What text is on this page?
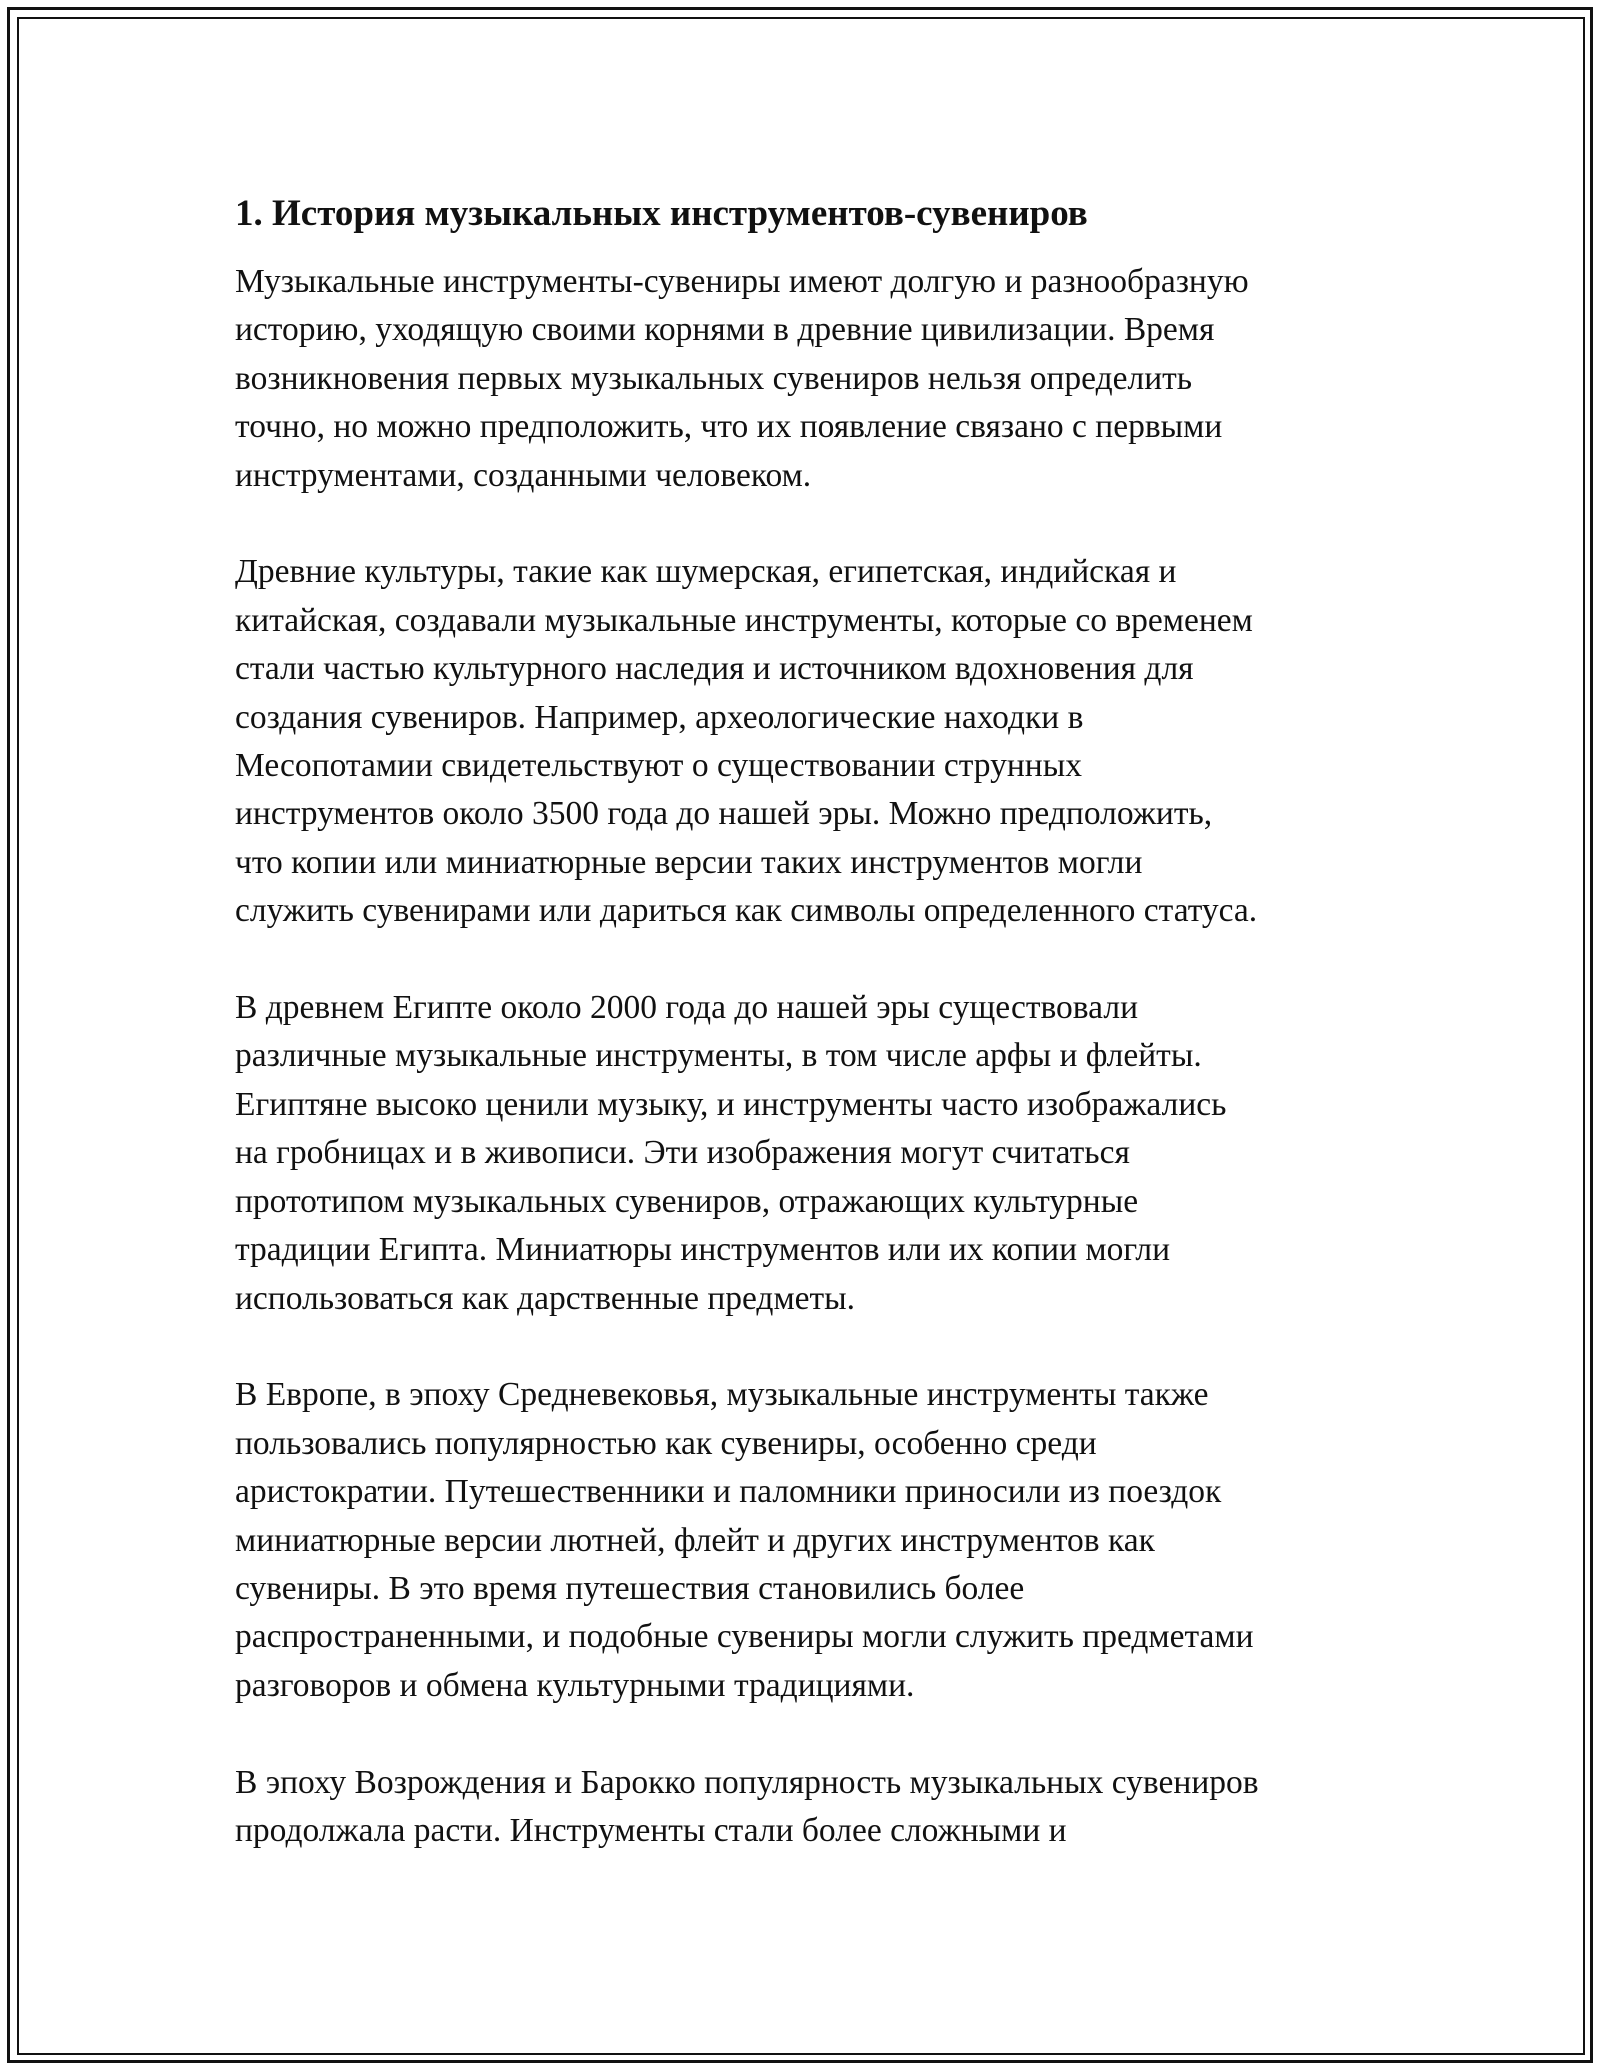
1. История музыкальных инструментов-сувениров
Музыкальные инструменты-сувениры имеют долгую и разнообразную
историю, уходящую своими корнями в древние цивилизации. Время
возникновения первых музыкальных сувениров нельзя определить
точно, но можно предположить, что их появление связано с первыми
инструментами, созданными человеком.
Древние культуры, такие как шумерская, египетская, индийская и
китайская, создавали музыкальные инструменты, которые со временем
стали частью культурного наследия и источником вдохновения для
создания сувениров. Например, археологические находки в
Месопотамии свидетельствуют о существовании струнных
инструментов около 3500 года до нашей эры. Можно предположить,
что копии или миниатюрные версии таких инструментов могли
служить сувенирами или дариться как символы определенного статуса.
В древнем Египте около 2000 года до нашей эры существовали
различные музыкальные инструменты, в том числе арфы и флейты.
Египтяне высоко ценили музыку, и инструменты часто изображались
на гробницах и в живописи. Эти изображения могут считаться
прототипом музыкальных сувениров, отражающих культурные
традиции Египта. Миниатюры инструментов или их копии могли
использоваться как дарственные предметы.
В Европе, в эпоху Средневековья, музыкальные инструменты также
пользовались популярностью как сувениры, особенно среди
аристократии. Путешественники и паломники приносили из поездок
миниатюрные версии лютней, флейт и других инструментов как
сувениры. В это время путешествия становились более
распространенными, и подобные сувениры могли служить предметами
разговоров и обмена культурными традициями.
В эпоху Возрождения и Барокко популярность музыкальных сувениров
продолжала расти. Инструменты стали более сложными и
